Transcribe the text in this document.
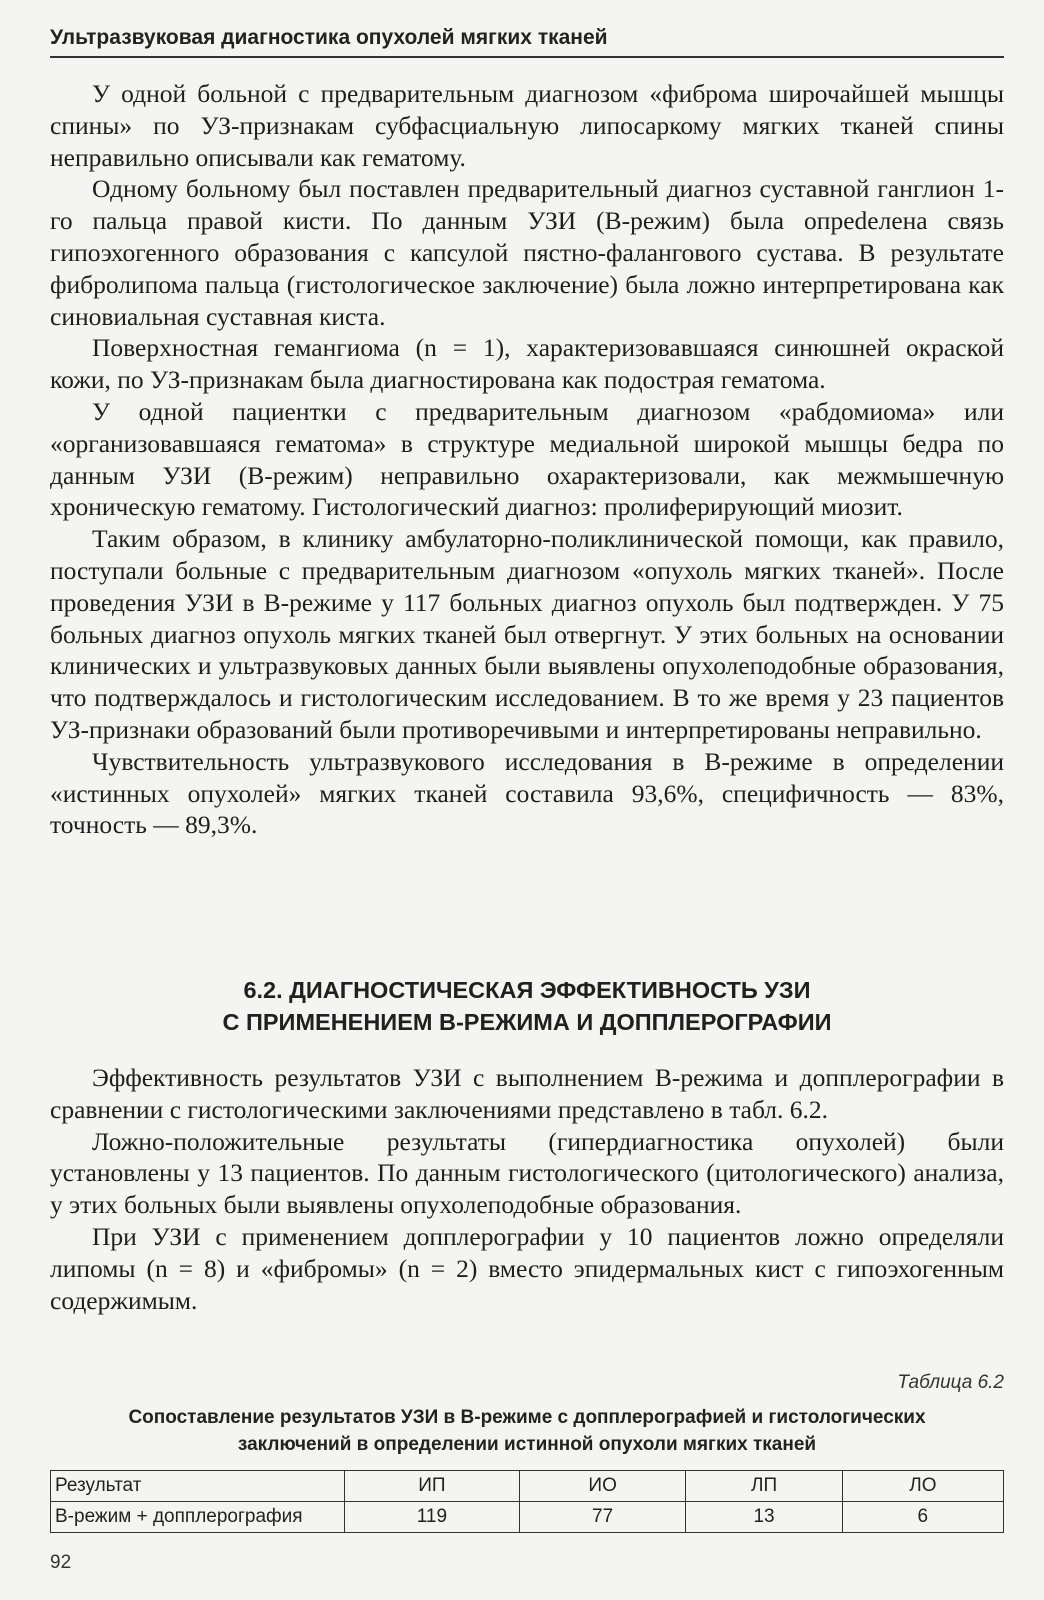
Ультразвуковая диагностика опухолей мягких тканей

У одной больной с предварительным диагнозом «фиброма широчайшей мышцы спины» по УЗ-признакам субфасциальную липосаркому мягких тканей спины неправильно описывали как гематому.

Одному больному был поставлен предварительный диагноз суставной ганглион 1-го пальца правой кисти. По данным УЗИ (В-режим) была опреdелена связь гипоэхогенного образования с капсулой пястно-фалангового сустава. В результате фибролипома пальца (гистологическое заключение) была ложно интерпретирована как синовиальная суставная киста.

Поверхностная гемангиома (n = 1), характеризовавшаяся синюшней окраской кожи, по УЗ-признакам была диагностирована как подострая гематома.

У одной пациентки с предварительным диагнозом «рабдомиома» или «организовавшаяся гематома» в структуре медиальной широкой мышцы бедра по данным УЗИ (В-режим) неправильно охарактеризовали, как межмышечную хроническую гематому. Гистологический диагноз: пролиферирующий миозит.

Таким образом, в клинику амбулаторно-поликлинической помощи, как правило, поступали больные с предварительным диагнозом «опухоль мягких тканей». После проведения УЗИ в В-режиме у 117 больных диагноз опухоль был подтвержден. У 75 больных диагноз опухоль мягких тканей был отвергнут. У этих больных на основании клинических и ультразвуковых данных были выявлены опухолеподобные образования, что подтверждалось и гистологическим исследованием. В то же время у 23 пациентов УЗ-признаки образований были противоречивыми и интерпретированы неправильно.

Чувствительность ультразвукового исследования в В-режиме в определении «истинных опухолей» мягких тканей составила 93,6%, специфичность — 83%, точность — 89,3%.

6.2. ДИАГНОСТИЧЕСКАЯ ЭФФЕКТИВНОСТЬ УЗИ
С ПРИМЕНЕНИЕМ В-РЕЖИМА И ДОППЛЕРОГРАФИИ

Эффективность результатов УЗИ с выполнением В-режима и допплерографии в сравнении с гистологическими заключениями представлено в табл. 6.2.

Ложно-положительные результаты (гипердиагностика опухолей) были установлены у 13 пациентов. По данным гистологического (цитологического) анализа, у этих больных были выявлены опухолеподобные образования.

При УЗИ с применением допплерографии у 10 пациентов ложно определяли липомы (n = 8) и «фибромы» (n = 2) вместо эпидермальных кист с гипоэхогенным содержимым.

Таблица 6.2
Сопоставление результатов УЗИ в В-режиме с допплерографией и гистологических
заключений в определении истинной опухоли мягких тканей
Результат	ИП	ИО	ЛП	ЛО
В-режим + допплерография	119	77	13	6
92
